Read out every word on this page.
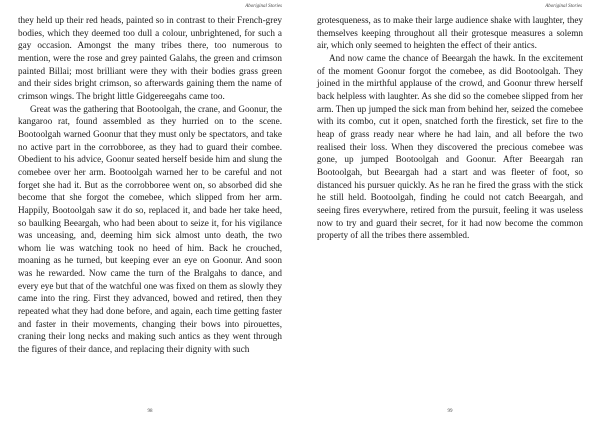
Aboriginal Stories

they held up their red heads, painted so in contrast to their French-grey bodies, which they deemed too dull a colour, unbrightened, for such a gay occasion. Amongst the many tribes there, too numerous to mention, were the rose and grey painted Galahs, the green and crimson painted Billai; most brilliant were they with their bodies grass green and their sides bright crimson, so afterwards gaining them the name of crimson wings. The bright little Gidgereegahs came too.

Great was the gathering that Bootoolgah, the crane, and Goonur, the kangaroo rat, found assembled as they hurried on to the scene. Bootoolgah warned Goonur that they must only be spectators, and take no active part in the corrobboree, as they had to guard their combee. Obedient to his advice, Goonur seated herself beside him and slung the comebee over her arm. Bootoolgah warned her to be careful and not forget she had it. But as the corrobboree went on, so absorbed did she become that she forgot the comebee, which slipped from her arm. Happily, Bootoolgah saw it do so, replaced it, and bade her take heed, so baulking Beeargah, who had been about to seize it, for his vigilance was unceasing, and, deeming him sick almost unto death, the two whom lie was watching took no heed of him. Back he crouched, moaning as he turned, but keeping ever an eye on Goonur. And soon was he rewarded. Now came the turn of the Bralgahs to dance, and every eye but that of the watchful one was fixed on them as slowly they came into the ring. First they advanced, bowed and retired, then they repeated what they had done before, and again, each time getting faster and faster in their movements, changing their bows into pirouettes, craning their long necks and making such antics as they went through the figures of their dance, and replacing their dignity with such

98
Aboriginal Stories

grotesqueness, as to make their large audience shake with laughter, they themselves keeping throughout all their grotesque measures a solemn air, which only seemed to heighten the effect of their antics.

And now came the chance of Beeargah the hawk. In the excitement of the moment Goonur forgot the comebee, as did Bootoolgah. They joined in the mirthful applause of the crowd, and Goonur threw herself back helpless with laughter. As she did so the comebee slipped from her arm. Then up jumped the sick man from behind her, seized the comebee with its combo, cut it open, snatched forth the firestick, set fire to the heap of grass ready near where he had lain, and all before the two realised their loss. When they discovered the precious comebee was gone, up jumped Bootoolgah and Goonur. After Beeargah ran Bootoolgah, but Beeargah had a start and was fleeter of foot, so distanced his pursuer quickly. As he ran he fired the grass with the stick he still held. Bootoolgah, finding he could not catch Beeargah, and seeing fires everywhere, retired from the pursuit, feeling it was useless now to try and guard their secret, for it had now become the common property of all the tribes there assembled.

99
